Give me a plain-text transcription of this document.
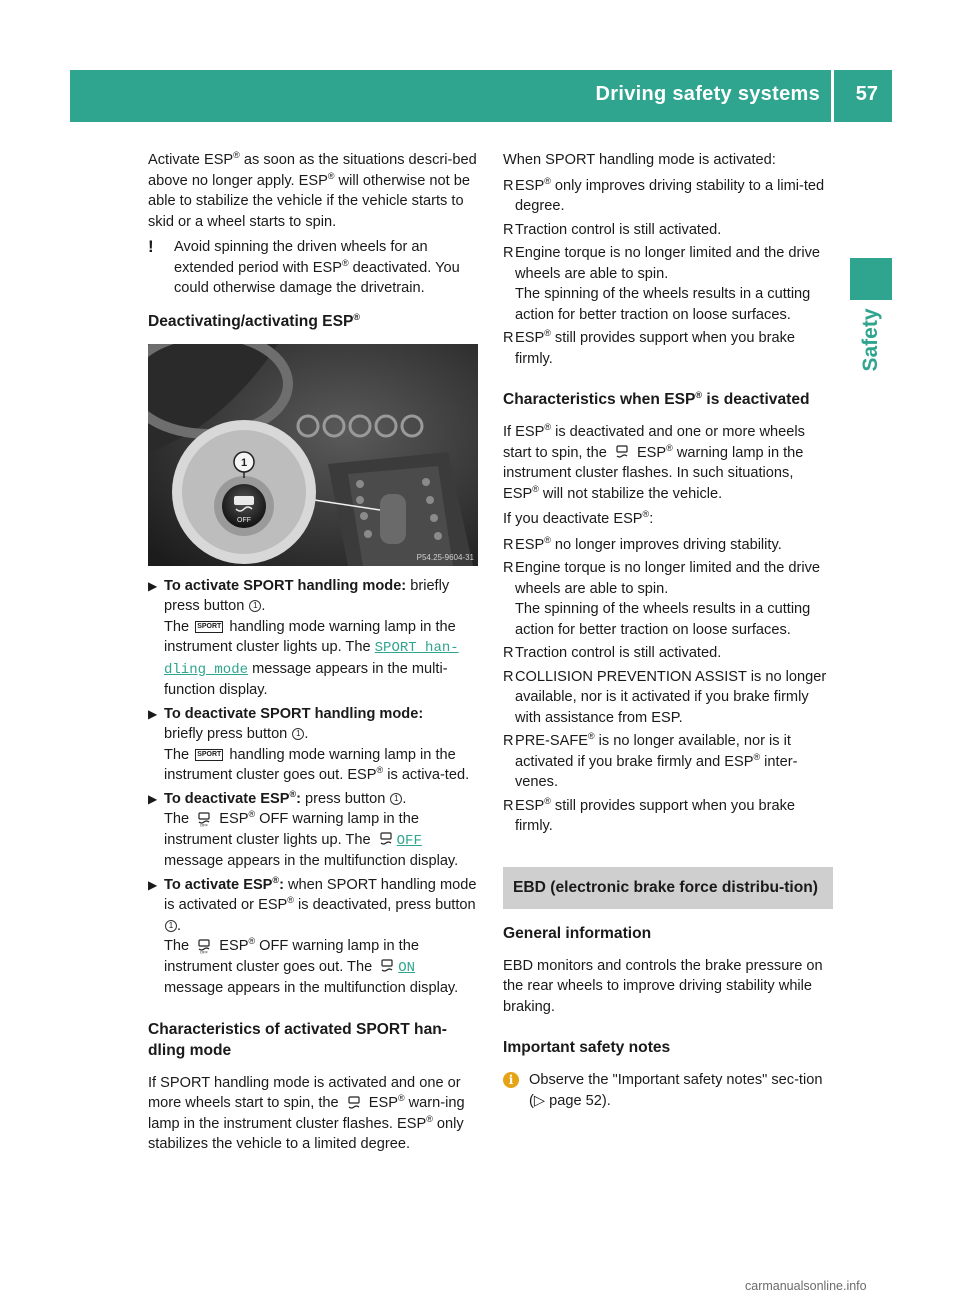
Driving safety systems 57
Safety

Activate ESP® as soon as the situations descri-bed above no longer apply. ESP® will otherwise not be able to stabilize the vehicle if the vehicle starts to skid or a wheel starts to spin.

! Avoid spinning the driven wheels for an extended period with ESP® deactivated. You could otherwise damage the drivetrain.
Deactivating/activating ESP®
OFF
1
P54.25-9604-31
▶ To activate SPORT handling mode: briefly press button 1 .
The SPORT handling mode warning lamp in the instrument cluster lights up. The SPORT han‐ dling mode message appears in the multi-function display.
▶ To deactivate SPORT handling mode:
briefly press button 1 .
The SPORT handling mode warning lamp in the instrument cluster goes out. ESP® is activa-ted.
▶ To deactivate ESP®: press button 1 .
The OFF ESP® OFF warning lamp in the instrument cluster lights up. The OFF
message appears in the multifunction display.
▶ To activate ESP®: when SPORT handling mode is activated or ESP® is deactivated, press button 1 .
The OFF ESP® OFF warning lamp in the instrument cluster goes out. The ON
message appears in the multifunction display.
Characteristics of activated SPORT han-dling mode

If SPORT handling mode is activated and one or more wheels start to spin, the  ESP® warn-ing lamp in the instrument cluster flashes. ESP® only stabilizes the vehicle to a limited degree.

When SPORT handling mode is activated:

R ESP® only improves driving stability to a limi-ted degree.
R Traction control is still activated.
R Engine torque is no longer limited and the drive wheels are able to spin.
The spinning of the wheels results in a cutting action for better traction on loose surfaces.
R ESP® still provides support when you brake firmly.
Characteristics when ESP® is deactivated

If ESP® is deactivated and one or more wheels start to spin, the  ESP® warning lamp in the instrument cluster flashes. In such situations, ESP® will not stabilize the vehicle.

If you deactivate ESP®:

R ESP® no longer improves driving stability.
R Engine torque is no longer limited and the drive wheels are able to spin.
The spinning of the wheels results in a cutting action for better traction on loose surfaces.
R Traction control is still activated.
R COLLISION PREVENTION ASSIST is no longer available, nor is it activated if you brake firmly with assistance from ESP.
R PRE-SAFE® is no longer available, nor is it activated if you brake firmly and ESP® inter-venes.
R ESP® still provides support when you brake firmly.
EBD (electronic brake force distribu-tion)
General information

EBD monitors and controls the brake pressure on the rear wheels to improve driving stability while braking.

Important safety notes
i	Observe the "Important safety notes" sec-tion (▷ page 52).
carmanualsonline.info
